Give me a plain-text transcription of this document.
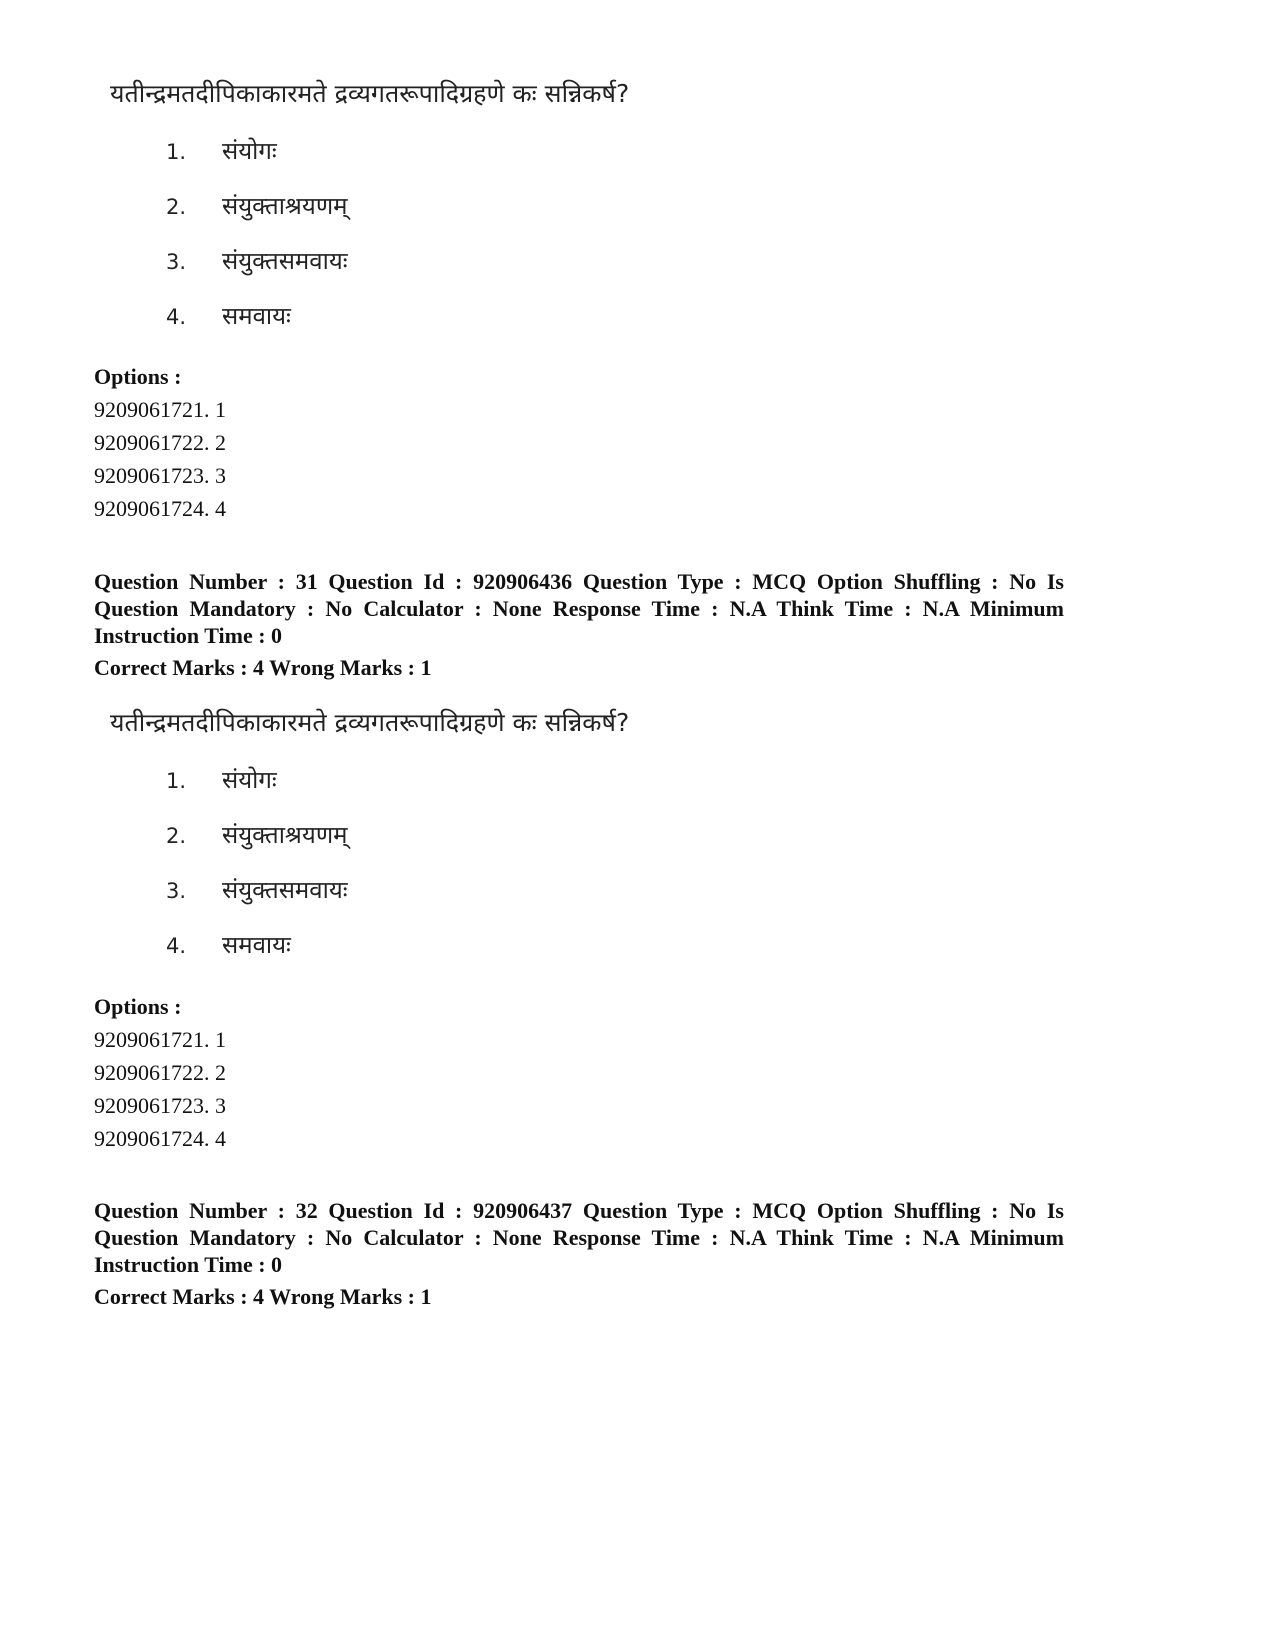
यतीन्द्रमतदीपिकाकारमते द्रव्यगतरूपादिग्रहणे कः सन्निकर्ष?
1. संयोगः
2. संयुक्ताश्रयणम्
3. संयुक्तसमवायः
4. समवायः
Options :
9209061721. 1
9209061722. 2
9209061723. 3
9209061724. 4
Question Number : 31 Question Id : 920906436 Question Type : MCQ Option Shuffling : No Is Question Mandatory : No Calculator : None Response Time : N.A Think Time : N.A Minimum Instruction Time : 0
Correct Marks : 4 Wrong Marks : 1
यतीन्द्रमतदीपिकाकारमते द्रव्यगतरूपादिग्रहणे कः सन्निकर्ष?
1. संयोगः
2. संयुक्ताश्रयणम्
3. संयुक्तसमवायः
4. समवायः
Options :
9209061721. 1
9209061722. 2
9209061723. 3
9209061724. 4
Question Number : 32 Question Id : 920906437 Question Type : MCQ Option Shuffling : No Is Question Mandatory : No Calculator : None Response Time : N.A Think Time : N.A Minimum Instruction Time : 0
Correct Marks : 4 Wrong Marks : 1
